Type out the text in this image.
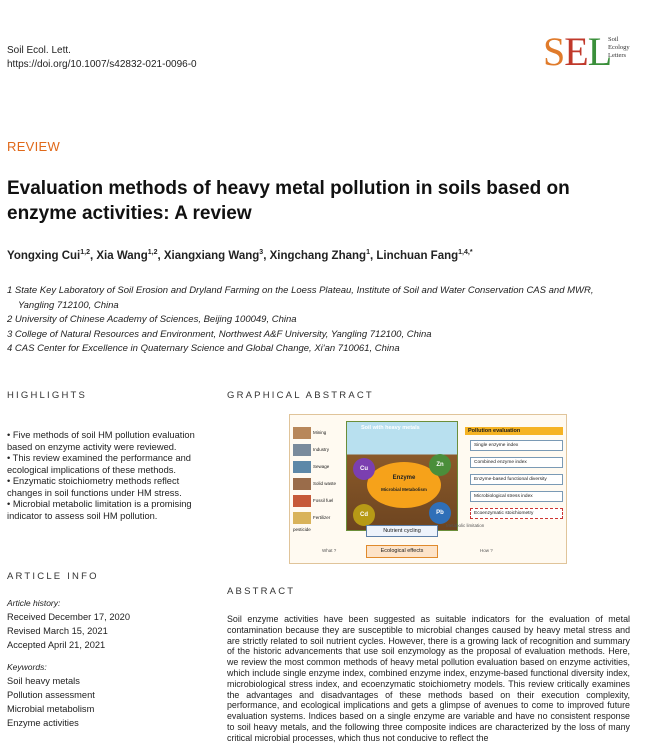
Soil Ecol. Lett.
https://doi.org/10.1007/s42832-021-0096-0	SEL
Soil
Ecology
Letters
REVIEW
Evaluation methods of heavy metal pollution in soils based on enzyme activities: A review
Yongxing Cui$^{1,2}$, Xia Wang$^{1,2}$, Xiangxiang Wang$^3$, Xingchang Zhang$^1$, Linchuan Fang$^{1,4,*}$
1 State Key Laboratory of Soil Erosion and Dryland Farming on the Loess Plateau, Institute of Soil and Water Conservation CAS and MWR,
Yangling 712100, China
2 University of Chinese Academy of Sciences, Beijing 100049, China
3 College of Natural Resources and Environment, Northwest A&F University, Yangling 712100, China
4 CAS Center for Excellence in Quaternary Science and Global Change, Xi'an 710061, China
HIGHLIGHTS
• Five methods of soil HM pollution evaluation based on enzyme activity were reviewed.
• This review examined the performance and ecological implications of these methods.
• Enzymatic stoichiometry methods reflect changes in soil functions under HM stress.
• Microbial metabolic limitation is a promising indicator to assess soil HM pollution.
GRAPHICAL ABSTRACT
Mining
Industry
Sewage
Solid waste
Fossil fuel
Fertilizer pesticide
Soil with heavy metals
Enzyme
Microbial Metabolism
Cu
Zn
Cd	Pb
Pollution evaluation
Single enzyme index
Combined enzyme index
Enzyme-based functional diversity
Microbiological stress index
Ecoenzymatic stoichiometry
Nutrient cycling
Metabolic limitation
Ecological effects
What ?	How ?
ARTICLE INFO
Article history:
Received December 17, 2020
Revised March 15, 2021
Accepted April 21, 2021
Keywords:
Soil heavy metals
Pollution assessment
Microbial metabolism
Enzyme activities
ABSTRACT
Soil enzyme activities have been suggested as suitable indicators for the evaluation of metal contamination because they are susceptible to microbial changes caused by heavy metal stress and are strictly related to soil nutrient cycles. However, there is a growing lack of recognition and summary of the historic advancements that use soil enzymology as the proposal of evaluation methods. Here, we review the most common methods of heavy metal pollution evaluation based on enzyme activities, which include single enzyme index, combined enzyme index, enzyme-based functional diversity index, microbiological stress index, and ecoenzymatic stoichiometry models. This review critically examines the advantages and disadvantages of these methods based on their execution complexity, performance, and ecological implications and gets a glimpse of avenues to come to improved future evaluation systems. Indices based on a single enzyme are variable and have no consistent response to soil heavy metals, and the following three composite indices are characterized by the loss of many critical microbial processes, which thus not conducive to reflect the
